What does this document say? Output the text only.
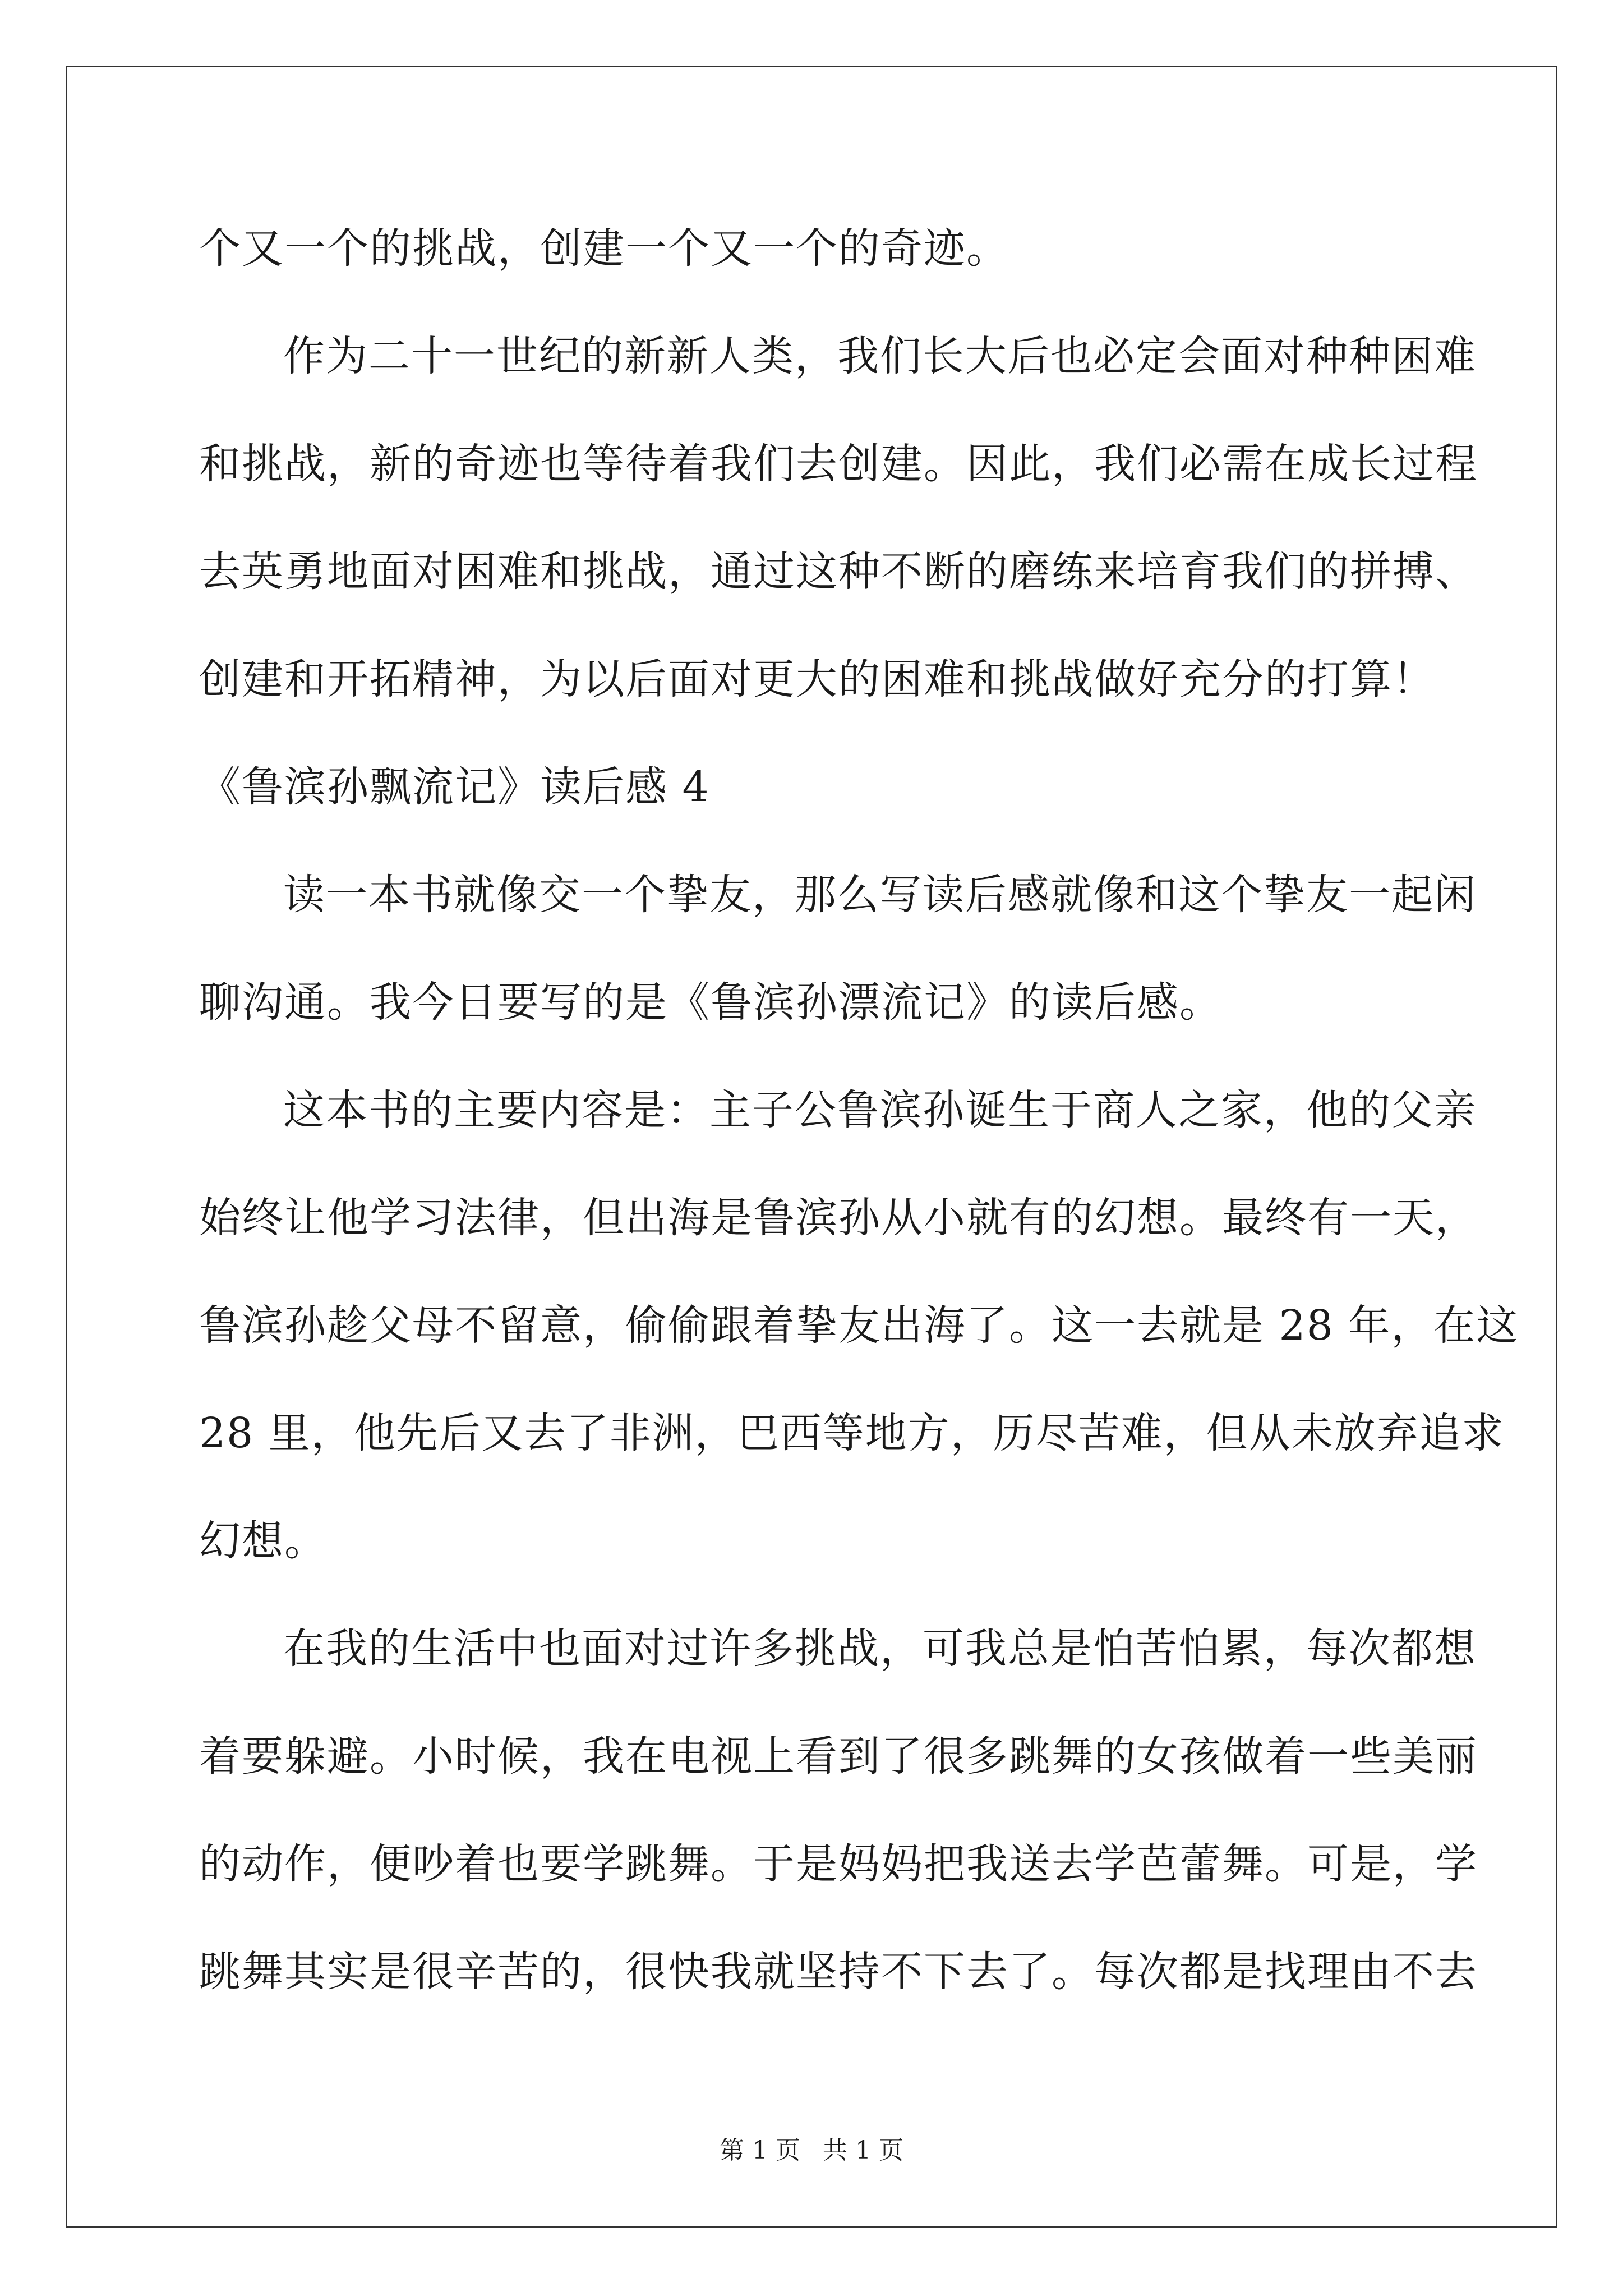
个又一个的挑战，创建一个又一个的奇迹。
作为二十一世纪的新新人类，我们长大后也必定会面对种种困难
和挑战，新的奇迹也等待着我们去创建。因此，我们必需在成长过程
去英勇地面对困难和挑战，通过这种不断的磨练来培育我们的拼搏、
创建和开拓精神，为以后面对更大的困难和挑战做好充分的打算！
《鲁滨孙飘流记》读后感 4
读一本书就像交一个挚友，那么写读后感就像和这个挚友一起闲
聊沟通。我今日要写的是《鲁滨孙漂流记》的读后感。
这本书的主要内容是：主子公鲁滨孙诞生于商人之家，他的父亲
始终让他学习法律，但出海是鲁滨孙从小就有的幻想。最终有一天，
鲁滨孙趁父母不留意，偷偷跟着挚友出海了。这一去就是 28 年，在这
28 里，他先后又去了非洲，巴西等地方，历尽苦难，但从未放弃追求
幻想。
在我的生活中也面对过许多挑战，可我总是怕苦怕累，每次都想
着要躲避。小时候，我在电视上看到了很多跳舞的女孩做着一些美丽
的动作，便吵着也要学跳舞。于是妈妈把我送去学芭蕾舞。可是，学
跳舞其实是很辛苦的，很快我就坚持不下去了。每次都是找理由不去
第 1 页 共 1 页
